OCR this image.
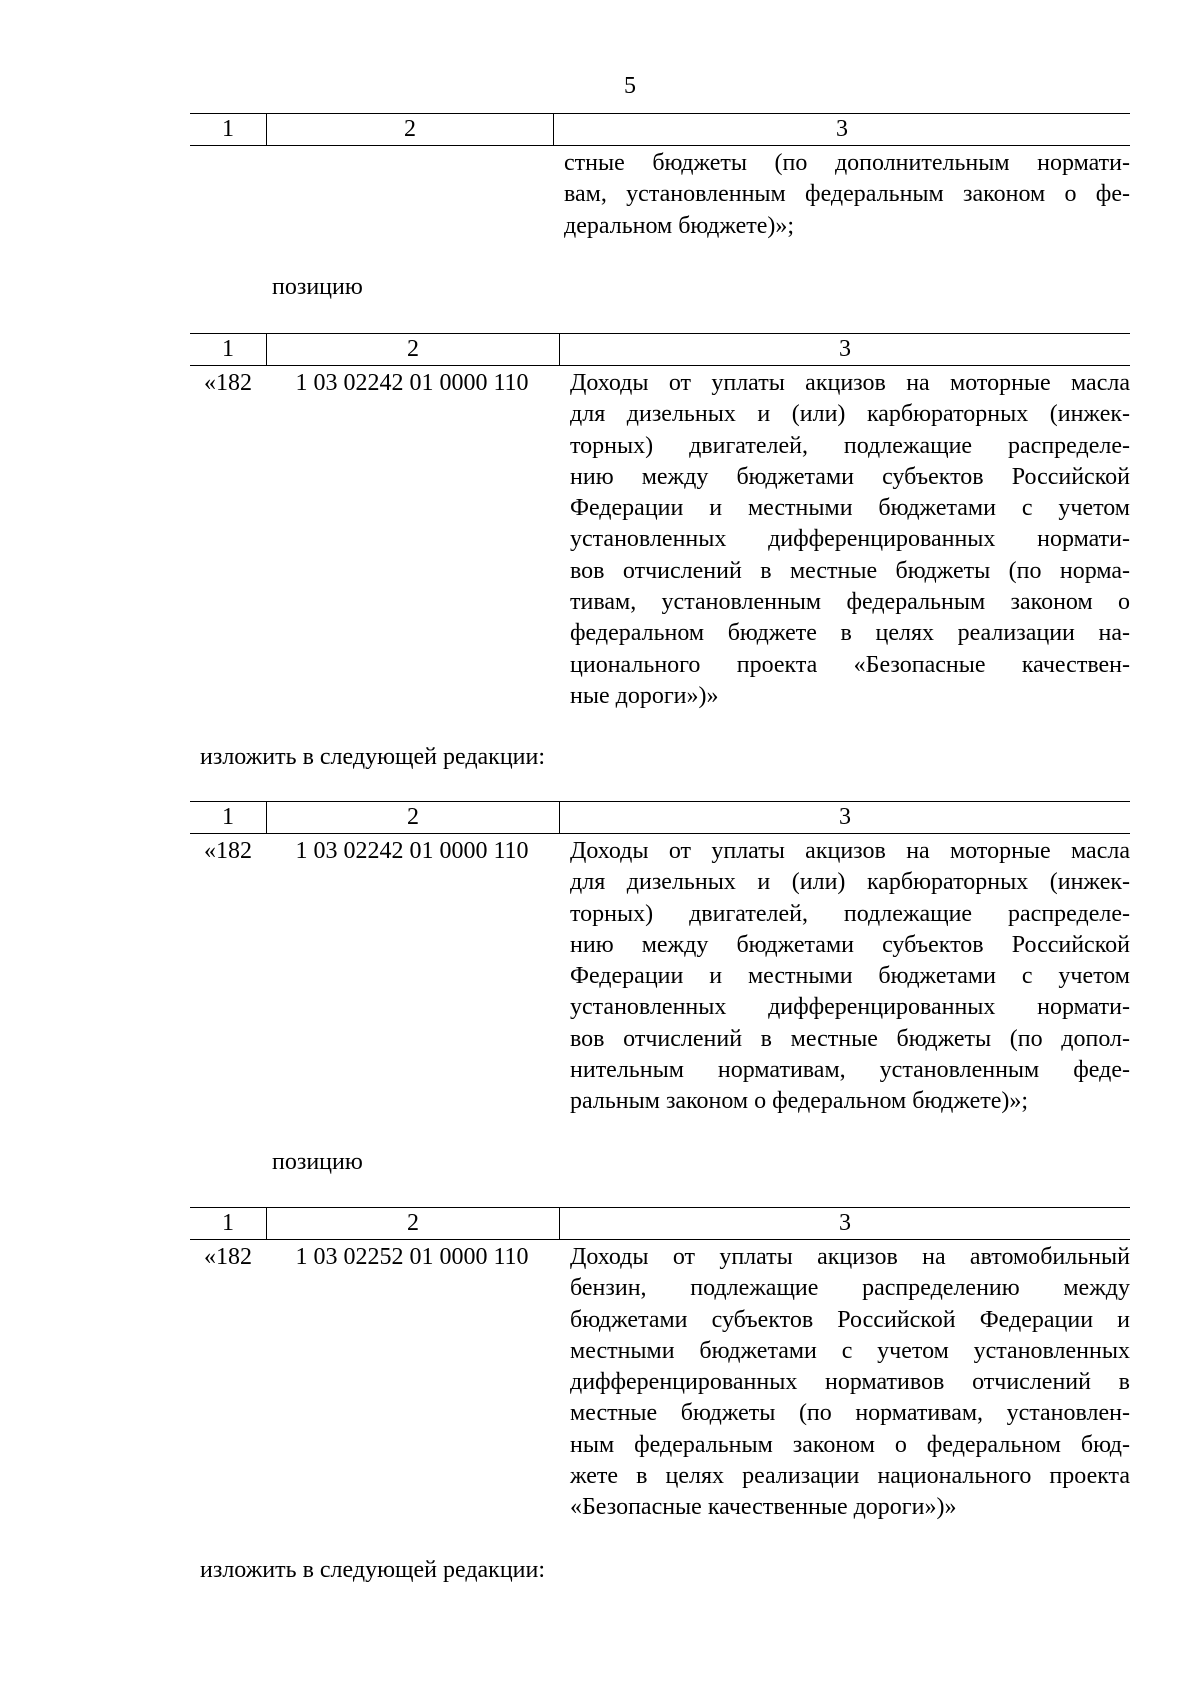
5
1	2	3
стные бюджеты (по дополнительным нормати-
вам, установленным федеральным законом о фе-
деральном бюджете)»;
позицию
1	2	3
«182	1 03 02242 01 0000 110	Доходы от уплаты акцизов на моторные масла
для дизельных и (или) карбюраторных (инжек-
торных) двигателей, подлежащие распределе-
нию между бюджетами субъектов Российской
Федерации и местными бюджетами с учетом
установленных дифференцированных нормати-
вов отчислений в местные бюджеты (по норма-
тивам, установленным федеральным законом о
федеральном бюджете в целях реализации на-
ционального проекта «Безопасные качествен-
ные дороги»)»
изложить в следующей редакции:
1	2	3
«182	1 03 02242 01 0000 110	Доходы от уплаты акцизов на моторные масла
для дизельных и (или) карбюраторных (инжек-
торных) двигателей, подлежащие распределе-
нию между бюджетами субъектов Российской
Федерации и местными бюджетами с учетом
установленных дифференцированных нормати-
вов отчислений в местные бюджеты (по допол-
нительным нормативам, установленным феде-
ральным законом о федеральном бюджете)»;
позицию
1	2	3
«182	1 03 02252 01 0000 110	Доходы от уплаты акцизов на автомобильный
бензин, подлежащие распределению между
бюджетами субъектов Российской Федерации и
местными бюджетами с учетом установленных
дифференцированных нормативов отчислений в
местные бюджеты (по нормативам, установлен-
ным федеральным законом о федеральном бюд-
жете в целях реализации национального проекта
«Безопасные качественные дороги»)»
изложить в следующей редакции:
